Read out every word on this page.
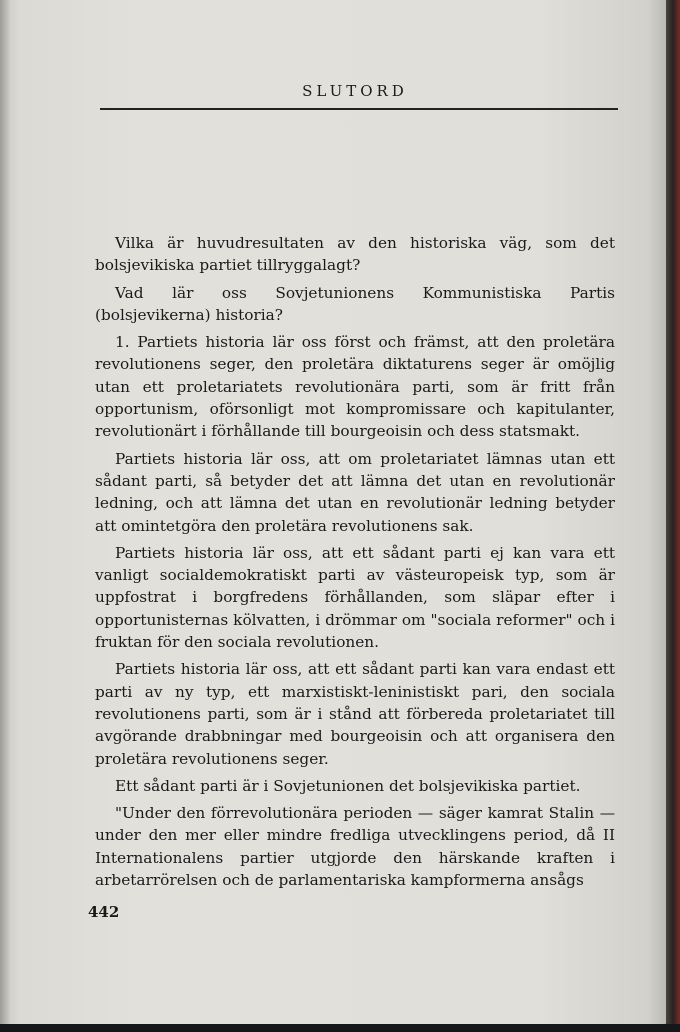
SLUTORD

Vilka är huvudresultaten av den historiska väg, som det bolsjevikiska partiet tillryggalagt?

Vad lär oss Sovjetunionens Kommunistiska Partis (bolsjevikerna) historia?

1. Partiets historia lär oss först och främst, att den proletära revolutionens seger, den proletära diktaturens seger är omöjlig utan ett proletariatets revolutionära parti, som är fritt från opportunism, oförsonligt mot kompromissare och kapitulanter, revolutionärt i förhållande till bourgeoisin och dess statsmakt.

Partiets historia lär oss, att om proletariatet lämnas utan ett sådant parti, så betyder det att lämna det utan en revolutionär ledning, och att lämna det utan en revolutionär ledning betyder att omintetgöra den proletära revolutionens sak.

Partiets historia lär oss, att ett sådant parti ej kan vara ett vanligt socialdemokratiskt parti av västeuropeisk typ, som är uppfostrat i borgfredens förhållanden, som släpar efter i opportunisternas kölvatten, i drömmar om "sociala reformer" och i fruktan för den sociala revolutionen.

Partiets historia lär oss, att ett sådant parti kan vara endast ett parti av ny typ, ett marxistiskt-leninistiskt pari, den sociala revolutionens parti, som är i stånd att förbereda proletariatet till avgörande drabbningar med bourgeoisin och att organisera den proletära revolutionens seger.

Ett sådant parti är i Sovjetunionen det bolsjevikiska partiet.

"Under den förrevolutionära perioden — säger kamrat Stalin — under den mer eller mindre fredliga utvecklingens period, då II Internationalens partier utgjorde den härskande kraften i arbetarrörelsen och de parlamentariska kampformerna ansågs

442
